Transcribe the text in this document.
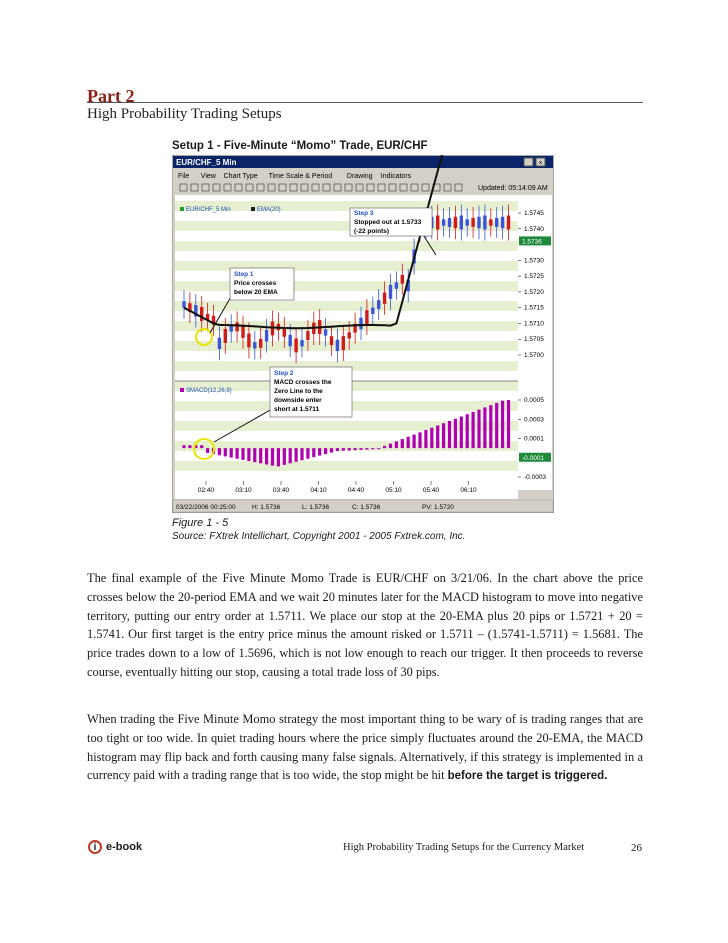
Part 2
High Probability Trading Setups
Setup 1 - Five-Minute “Momo” Trade, EUR/CHF
EUR/CHF_5 Min	×
File View Chart Type Time Scale & Period Drawing Indicators
Updated: 05:14:09 AM
1.5745
1.5740
1.5736
1.5730
1.5725
1.5720
1.5715
1.5710
1.5705
1.5700
0.0005
0.0003
0.0001
-0.0001
-0.0003
EUR/CHF_5 Min	EMA(20)
SMACD(12,26,9)
Step 1
Price crosses
below 20 EMA
Step 2
MACD crosses the
Zero Line to the
downside enter
short at 1.5711
Step 3
Stopped out at 1.5733
(-22 points)
02:40	03:10	03:40	04:10	04:40	05:10	05:40	06:10
03/22/2006 00:25:00	H: 1.5736	L: 1.5736	C: 1.5736	PV: 1.5720
Figure 1 - 5
Source: FXtrek Intellichart, Copyright 2001 - 2005 Fxtrek.com, Inc.

The final example of the Five Minute Momo Trade is EUR/CHF on 3/21/06. In the chart above the price crosses below the 20-period EMA and we wait 20 minutes later for the MACD histogram to move into negative territory, putting our entry order at 1.5711. We place our stop at the 20-EMA plus 20 pips or 1.5721 + 20 = 1.5741. Our first target is the entry price minus the amount risked or 1.5711 – (1.5741-1.5711) = 1.5681. The price trades down to a low of 1.5696, which is not low enough to reach our trigger. It then proceeds to reverse course, eventually hitting our stop, causing a total trade loss of 30 pips.

When trading the Five Minute Momo strategy the most important thing to be wary of is trading ranges that are too tight or too wide. In quiet trading hours where the price simply fluctuates around the 20-EMA, the MACD histogram may flip back and forth causing many false signals. Alternatively, if this strategy is implemented in a currency paid with a trading range that is too wide, the stop might be hit before the target is triggered.

i e-book	High Probability Trading Setups for the Currency Market	26
